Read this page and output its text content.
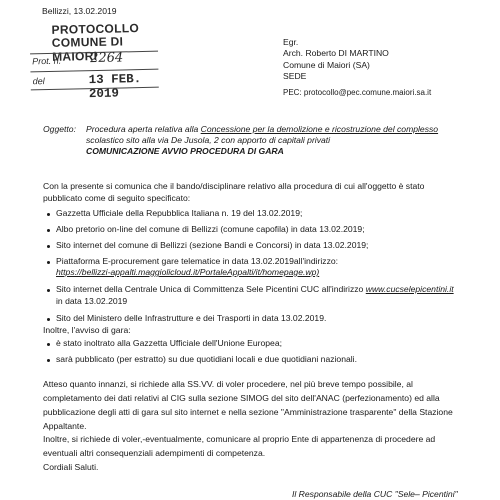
Bellizzi, 13.02.2019
PROTOCOLLO
COMUNE DI MAIORI
Prot. n. 2264
del	13 FEB. 2019
Egr.
Arch. Roberto DI MARTINO
Comune di Maiori (SA)
SEDE
PEC: protocollo@pec.comune.maiori.sa.it
Oggetto: Procedura aperta relativa alla Concessione per la demolizione e ricostruzione del complesso
scolastico sito alla via De Jusola, 2 con apporto di capitali privati
COMUNICAZIONE AVVIO PROCEDURA DI GARA
Con la presente si comunica che il bando/disciplinare relativo alla procedura di cui all'oggetto è stato
pubblicato come di seguito specificato:
Gazzetta Ufficiale della Repubblica Italiana n. 19 del 13.02.2019;
Albo pretorio on-line del comune di Bellizzi (comune capofila) in data 13.02.2019;
Sito internet del comune di Bellizzi (sezione Bandi e Concorsi) in data 13.02.2019;
Piattaforma E-procurement gare telematice in data 13.02.2019all'indirizzo:
https://bellizzi-appalti.maggiolicloud.it/PortaleAppalti/it/homepage.wp)
Sito internet della Centrale Unica di Committenza Sele Picentini CUC all'indirizzo www.cucselepicentini.it
in data 13.02.2019
Sito del Ministero delle Infrastrutture e dei Trasporti in data 13.02.2019.
Inoltre, l'avviso di gara:
è stato inoltrato alla Gazzetta Ufficiale dell'Unione Europea;
sarà pubblicato (per estratto) su due quotidiani locali e due quotidiani nazionali.
Atteso quanto innanzi, si richiede alla SS.VV. di voler procedere, nel più breve tempo possibile, al
completamento dei dati relativi al CIG sulla sezione SIMOG del sito dell'ANAC (perfezionamento) ed alla
pubblicazione degli atti di gara sul sito internet e nella sezione "Amministrazione trasparente" della Stazione
Appaltante.
Inoltre, si richiede di voler,-eventualmente, comunicare al proprio Ente di appartenenza di procedere ad
eventuali altri consequenziali adempimenti di competenza.
Cordiali Saluti.
Il Responsabile della CUC "Sele– Picentini"
